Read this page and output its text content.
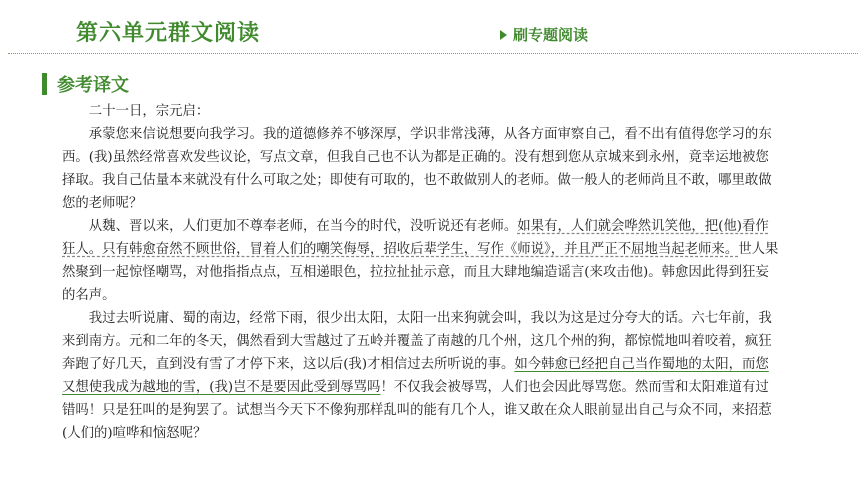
第六单元群文阅读	刷专题阅读
参考译文

二十一日，宗元启：

承蒙您来信说想要向我学习。我的道德修养不够深厚，学识非常浅薄，从各方面审察自己，看不出有值得您学习的东西。(我)虽然经常喜欢发些议论，写点文章，但我自己也不认为都是正确的。没有想到您从京城来到永州，竟幸运地被您择取。我自己估量本来就没有什么可取之处；即使有可取的，也不敢做别人的老师。做一般人的老师尚且不敢，哪里敢做您的老师呢？

从魏、晋以来，人们更加不尊奉老师，在当今的时代，没听说还有老师。如果有，人们就会哗然讥笑他，把(他)看作狂人。只有韩愈奋然不顾世俗，冒着人们的嘲笑侮辱，招收后辈学生，写作《师说》，并且严正不屈地当起老师来。世人果然聚到一起惊怪嘲骂，对他指指点点，互相递眼色，拉拉扯扯示意，而且大肆地编造谣言(来攻击他)。韩愈因此得到狂妄的名声。

我过去听说庸、蜀的南边，经常下雨，很少出太阳，太阳一出来狗就会叫，我以为这是过分夸大的话。六七年前，我来到南方。元和二年的冬天，偶然看到大雪越过了五岭并覆盖了南越的几个州，这几个州的狗，都惊慌地叫着咬着，疯狂奔跑了好几天，直到没有雪了才停下来，这以后(我)才相信过去所听说的事。如今韩愈已经把自己当作蜀地的太阳，而您又想使我成为越地的雪，(我)岂不是要因此受到辱骂吗！不仅我会被辱骂，人们也会因此辱骂您。然而雪和太阳难道有过错吗！只是狂叫的是狗罢了。试想当今天下不像狗那样乱叫的能有几个人，谁又敢在众人眼前显出自己与众不同，来招惹(人们的)喧哗和恼怒呢？
